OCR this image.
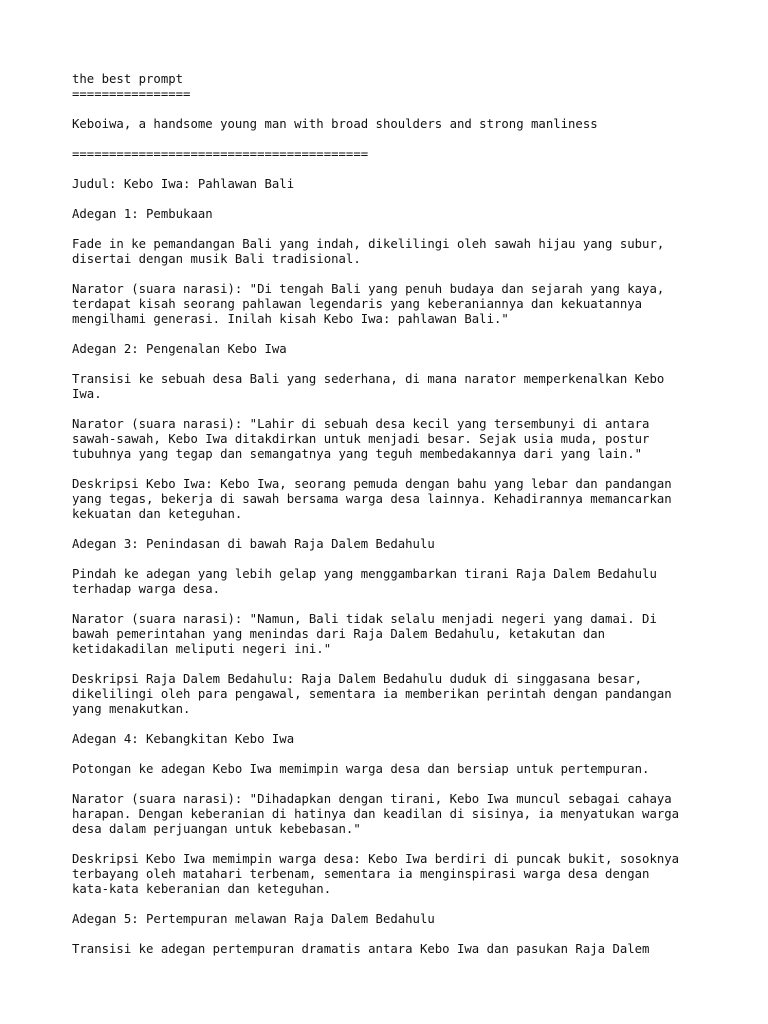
the best prompt

================

Keboiwa, a handsome young man with broad shoulders and strong manliness

========================================

Judul: Kebo Iwa: Pahlawan Bali

Adegan 1: Pembukaan

Fade in ke pemandangan Bali yang indah, dikelilingi oleh sawah hijau yang subur,
disertai dengan musik Bali tradisional.

Narator (suara narasi): "Di tengah Bali yang penuh budaya dan sejarah yang kaya,
terdapat kisah seorang pahlawan legendaris yang keberaniannya dan kekuatannya
mengilhami generasi. Inilah kisah Kebo Iwa: pahlawan Bali."

Adegan 2: Pengenalan Kebo Iwa

Transisi ke sebuah desa Bali yang sederhana, di mana narator memperkenalkan Kebo
Iwa.

Narator (suara narasi): "Lahir di sebuah desa kecil yang tersembunyi di antara
sawah-sawah, Kebo Iwa ditakdirkan untuk menjadi besar. Sejak usia muda, postur
tubuhnya yang tegap dan semangatnya yang teguh membedakannya dari yang lain."

Deskripsi Kebo Iwa: Kebo Iwa, seorang pemuda dengan bahu yang lebar dan pandangan
yang tegas, bekerja di sawah bersama warga desa lainnya. Kehadirannya memancarkan
kekuatan dan keteguhan.

Adegan 3: Penindasan di bawah Raja Dalem Bedahulu

Pindah ke adegan yang lebih gelap yang menggambarkan tirani Raja Dalem Bedahulu
terhadap warga desa.

Narator (suara narasi): "Namun, Bali tidak selalu menjadi negeri yang damai. Di
bawah pemerintahan yang menindas dari Raja Dalem Bedahulu, ketakutan dan
ketidakadilan meliputi negeri ini."

Deskripsi Raja Dalem Bedahulu: Raja Dalem Bedahulu duduk di singgasana besar,
dikelilingi oleh para pengawal, sementara ia memberikan perintah dengan pandangan
yang menakutkan.

Adegan 4: Kebangkitan Kebo Iwa

Potongan ke adegan Kebo Iwa memimpin warga desa dan bersiap untuk pertempuran.

Narator (suara narasi): "Dihadapkan dengan tirani, Kebo Iwa muncul sebagai cahaya
harapan. Dengan keberanian di hatinya dan keadilan di sisinya, ia menyatukan warga
desa dalam perjuangan untuk kebebasan."

Deskripsi Kebo Iwa memimpin warga desa: Kebo Iwa berdiri di puncak bukit, sosoknya
terbayang oleh matahari terbenam, sementara ia menginspirasi warga desa dengan
kata-kata keberanian dan keteguhan.

Adegan 5: Pertempuran melawan Raja Dalem Bedahulu

Transisi ke adegan pertempuran dramatis antara Kebo Iwa dan pasukan Raja Dalem
